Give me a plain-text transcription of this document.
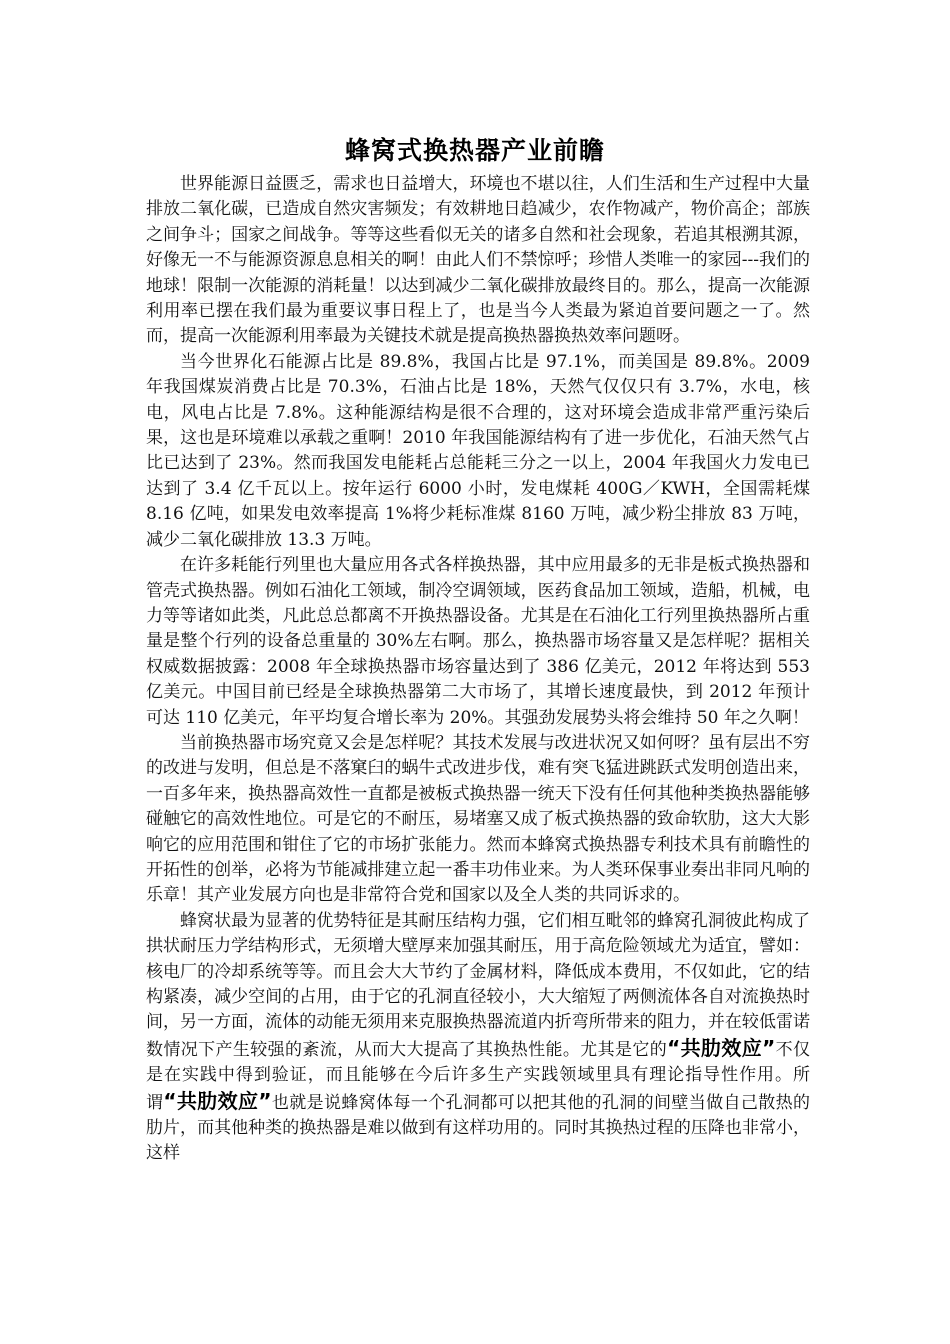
蜂窝式换热器产业前瞻

世界能源日益匮乏，需求也日益增大，环境也不堪以往，人们生活和生产过程中大量排放二氧化碳，已造成自然灾害频发；有效耕地日趋减少，农作物减产，物价高企；部族之间争斗；国家之间战争。等等这些看似无关的诸多自然和社会现象，若追其根溯其源，好像无一不与能源资源息息相关的啊！由此人们不禁惊呼；珍惜人类唯一的家园---我们的地球！限制一次能源的消耗量！以达到减少二氧化碳排放最终目的。那么，提高一次能源利用率已摆在我们最为重要议事日程上了，也是当今人类最为紧迫首要问题之一了。然而，提高一次能源利用率最为关键技术就是提高换热器换热效率问题呀。

当今世界化石能源占比是 89.8%，我国占比是 97.1%，而美国是 89.8%。2009 年我国煤炭消费占比是 70.3%，石油占比是 18%，天然气仅仅只有 3.7%，水电，核电，风电占比是 7.8%。这种能源结构是很不合理的，这对环境会造成非常严重污染后果，这也是环境难以承载之重啊！2010 年我国能源结构有了进一步优化，石油天然气占比已达到了 23%。然而我国发电能耗占总能耗三分之一以上，2004 年我国火力发电已达到了 3.4 亿千瓦以上。按年运行 6000 小时，发电煤耗 400G／KWH，全国需耗煤 8.16 亿吨，如果发电效率提高 1%将少耗标准煤 8160 万吨，减少粉尘排放 83 万吨，减少二氧化碳排放 13.3 万吨。

在许多耗能行列里也大量应用各式各样换热器，其中应用最多的无非是板式换热器和管壳式换热器。例如石油化工领域，制冷空调领域，医药食品加工领域，造船，机械，电力等等诸如此类，凡此总总都离不开换热器设备。尤其是在石油化工行列里换热器所占重量是整个行列的设备总重量的 30%左右啊。那么，换热器市场容量又是怎样呢？据相关权威数据披露：2008 年全球换热器市场容量达到了 386 亿美元，2012 年将达到 553 亿美元。中国目前已经是全球换热器第二大市场了，其增长速度最快，到 2012 年预计可达 110 亿美元，年平均复合增长率为 20%。其强劲发展势头将会维持 50 年之久啊！

当前换热器市场究竟又会是怎样呢？其技术发展与改进状况又如何呀？虽有层出不穷的改进与发明，但总是不落窠臼的蜗牛式改进步伐，难有突飞猛进跳跃式发明创造出来，一百多年来，换热器高效性一直都是被板式换热器一统天下没有任何其他种类换热器能够碰触它的高效性地位。可是它的不耐压，易堵塞又成了板式换热器的致命软肋，这大大影响它的应用范围和钳住了它的市场扩张能力。然而本蜂窝式换热器专利技术具有前瞻性的开拓性的创举，必将为节能减排建立起一番丰功伟业来。为人类环保事业奏出非同凡响的乐章！其产业发展方向也是非常符合党和国家以及全人类的共同诉求的。

蜂窝状最为显著的优势特征是其耐压结构力强，它们相互毗邻的蜂窝孔洞彼此构成了拱状耐压力学结构形式，无须增大壁厚来加强其耐压，用于高危险领域尤为适宜，譬如：核电厂的冷却系统等等。而且会大大节约了金属材料，降低成本费用，不仅如此，它的结构紧凑，减少空间的占用，由于它的孔洞直径较小，大大缩短了两侧流体各自对流换热时间，另一方面，流体的动能无须用来克服换热器流道内折弯所带来的阻力，并在较低雷诺数情况下产生较强的紊流，从而大大提高了其换热性能。尤其是它的“共肋效应”不仅是在实践中得到验证，而且能够在今后许多生产实践领域里具有理论指导性作用。所谓“共肋效应”也就是说蜂窝体每一个孔洞都可以把其他的孔洞的间壁当做自己散热的肋片，而其他种类的换热器是难以做到有这样功用的。同时其换热过程的压降也非常小，这样
